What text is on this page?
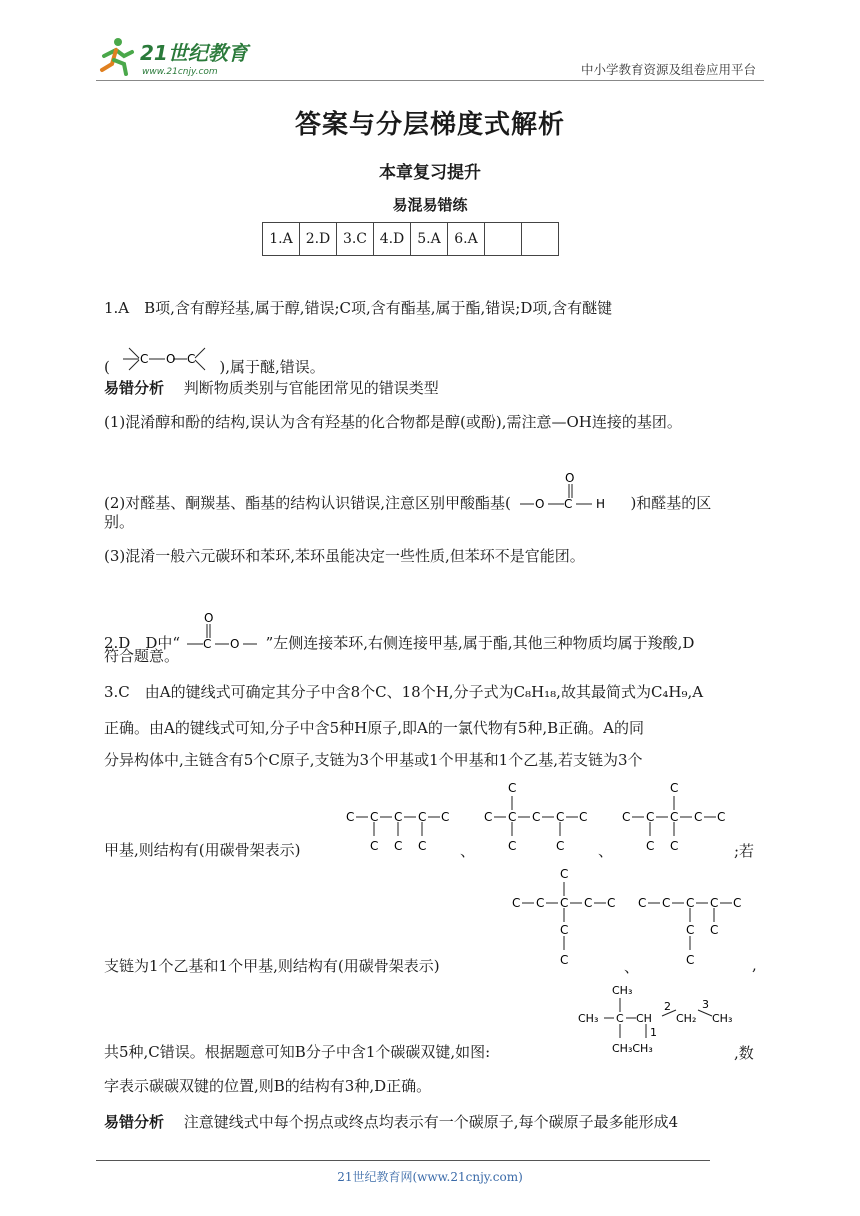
21世纪教育
www.21cnjy.com	中小学教育资源及组卷应用平台
答案与分层梯度式解析
本章复习提升
易混易错练
1.A	2.D	3.C	4.D	5.A	6.A		
1.A　B项,含有醇羟基,属于醇,错误;C项,含有酯基,属于酯,错误;D项,含有醚键
( C O C ),属于醚,错误。
易错分析　 判断物质类别与官能团常见的错误类型
(1)混淆醇和酚的结构,误认为含有羟基的化合物都是醇(或酚),需注意—OH连接的基团。
(2)对醛基、酮羰基、酯基的结构认识错误,注意区别甲酸酯基( O C
O
H )和醛基的区
别。
(3)混淆一般六元碳环和苯环,苯环虽能决定一些性质,但苯环不是官能团。
2.D　D中“ C
O
O ”左侧连接苯环,右侧连接甲基,属于酯,其他三种物质均属于羧酸,D
符合题意。
3.C　由A的键线式可确定其分子中含8个C、18个H,分子式为C₈H₁₈,故其最简式为C₄H₉,A
正确。由A的键线式可知,分子中含5种H原子,即A的一氯代物有5种,B正确。A的同
分异构体中,主链含有5个C原子,支链为3个甲基或1个甲基和1个乙基,若支链为3个
C C C C C
C C C
C
C C C C C
C	C
C
C C C C C
C C
甲基,则结构有(用碳骨架表示)	、	、	;若
C
C C C C C
C
C
C C C C C
C C
C
支链为1个乙基和1个甲基,则结构有(用碳骨架表示)	、	,
CH₃ C CH CH₂ CH₃
CH₃
CH₃CH₃
2	3
1
共5种,C错误。根据题意可知B分子中含1个碳碳双键,如图:	,数
字表示碳碳双键的位置,则B的结构有3种,D正确。
易错分析　 注意键线式中每个拐点或终点均表示有一个碳原子,每个碳原子最多能形成4
21世纪教育网(www.21cnjy.com)
